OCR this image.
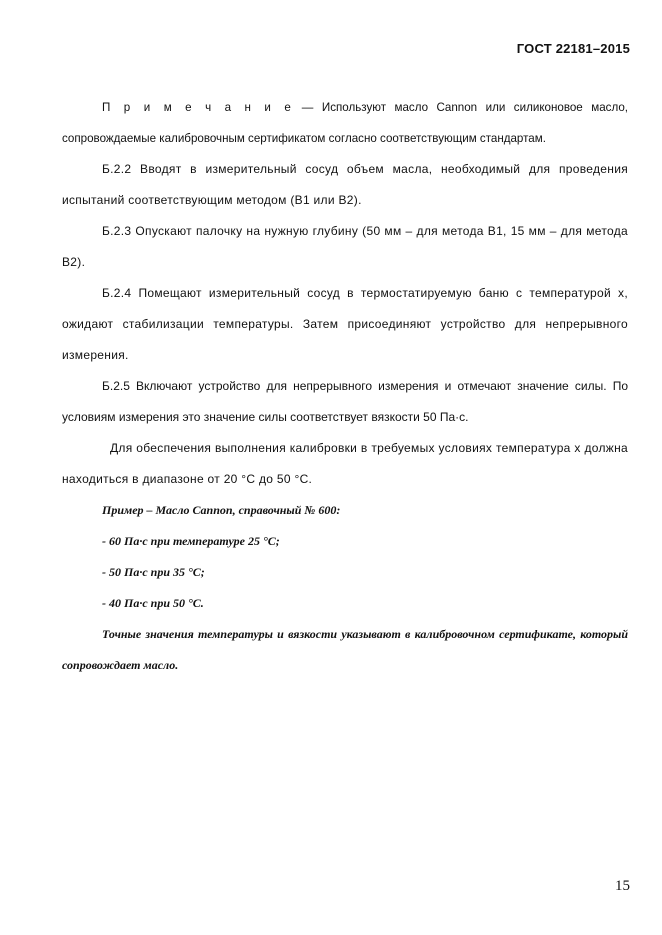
ГОСТ 22181–2015

П р и м е ч а н и е — Используют масло Cannon или силиконовое масло, сопровождаемые калибровочным сертификатом согласно соответствующим стандартам.

Б.2.2 Вводят в измерительный сосуд объем масла, необходимый для проведения испытаний соответствующим методом (В1 или В2).

Б.2.3 Опускают палочку на нужную глубину (50 мм – для метода В1, 15 мм – для метода В2).

Б.2.4 Помещают измерительный сосуд в термостатируемую баню с температурой х, ожидают стабилизации температуры. Затем присоединяют устройство для непрерывного измерения.

Б.2.5 Включают устройство для непрерывного измерения и отмечают значение силы. По условиям измерения это значение силы соответствует вязкости 50 Па·с.

Для обеспечения выполнения калибровки в требуемых условиях температура х должна находиться в диапазоне от 20 °С до 50 °С.

Пример – Масло Cannon, справочный № 600:

- 60 Па·с при температуре 25 °С;

- 50 Па·с при 35 °С;

- 40 Па·с при 50 °С.

Точные значения температуры и вязкости указывают в калибровочном сертификате, который сопровождает масло.

15
